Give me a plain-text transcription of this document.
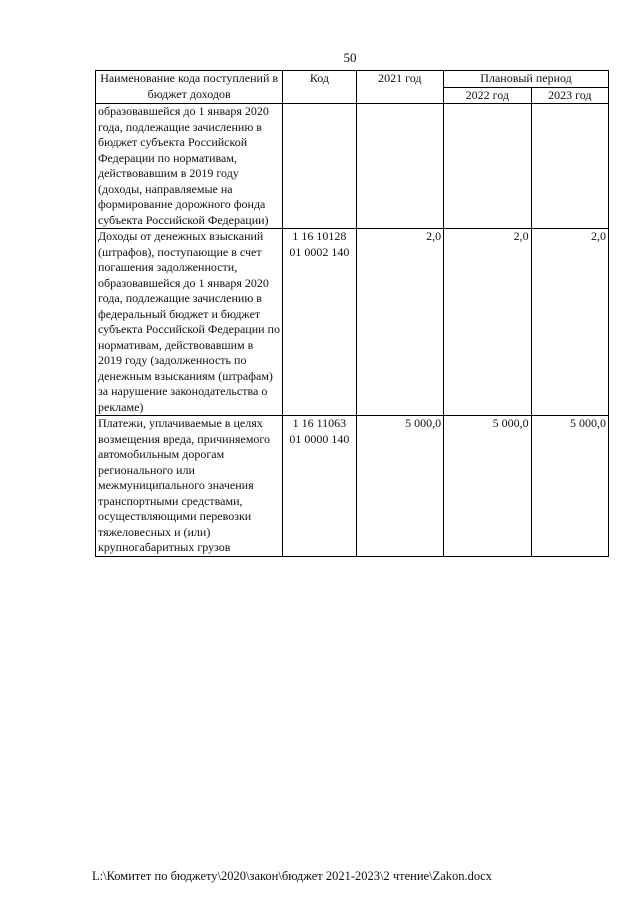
50
Наименование кода поступлений в бюджет доходов	Код	2021 год	Плановый период	
			2022 год	2023 год
образовавшейся до 1 января 2020 года, подлежащие зачислению в бюджет субъекта Российской Федерации по нормативам, действовавшим в 2019 году (доходы, направляемые на формирование дорожного фонда субъекта Российской Федерации)				
Доходы от денежных взысканий (штрафов), поступающие в счет погашения задолженности, образовавшейся до 1 января 2020 года, подлежащие зачислению в федеральный бюджет и бюджет субъекта Российской Федерации по нормативам, действовавшим в 2019 году (задолженность по денежным взысканиям (штрафам) за нарушение законодательства о рекламе)	1 16 10128 01 0002 140	2,0	2,0	2,0
Платежи, уплачиваемые в целях возмещения вреда, причиняемого автомобильным дорогам регионального или межмуниципального значения транспортными средствами, осуществляющими перевозки тяжеловесных и (или) крупногабаритных грузов	1 16 11063 01 0000 140	5 000,0	5 000,0	5 000,0
L:\Комитет по бюджету\2020\закон\бюджет 2021-2023\2 чтение\Zakon.docx
